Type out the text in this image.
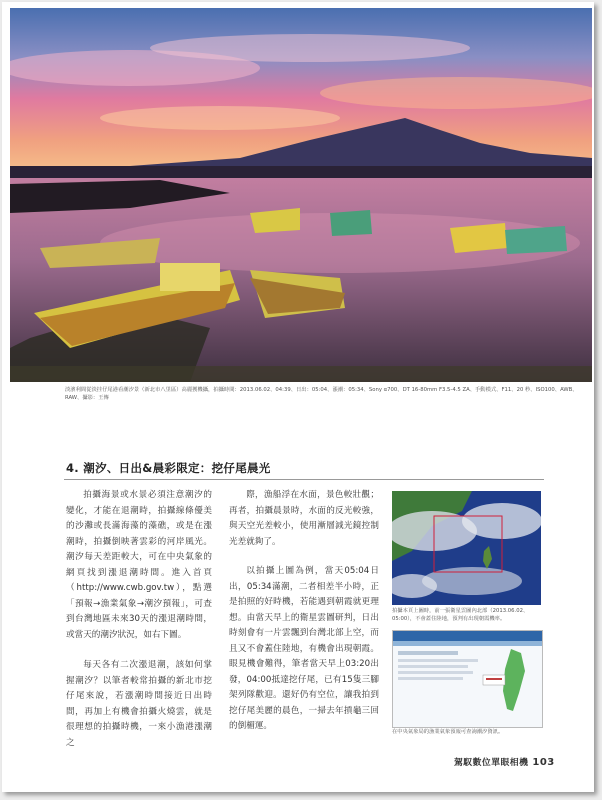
淡濱利間從淡挂仔尾港看潮汐景（新北市八里區）高麗獲機攝，拍攝時間：2013.06.02、04:39、日出：05:04、漲潮：05:34、Sony α700、DT 16-80mm F3.5-4.5 ZA、手動模式、F11、20 秒、ISO100、AWB、RAW、攝影：王傳
4. 潮汐、日出&晨彩限定：挖仔尾晨光

拍攝海景或水景必須注意潮汐的變化，才能在退潮時，拍攝線條優美的沙灘或長滿海藻的藻礁，或是在漲潮時，拍攝倒映著雲彩的河岸風光。潮汐每天差距較大，可在中央氣象的網頁找到漲退潮時間。進入首頁（http://www.cwb.gov.tw），點選「預報→漁業氣象→潮汐預報」，可查到台灣地區未來30天的漲退潮時間，或當天的潮汐狀況，如右下圖。

每天各有二次漲退潮，該如何掌握潮汐？以筆者較常拍攝的新北市挖仔尾來說，若漲潮時間接近日出時間，再加上有機會拍攝火燒雲，就是很理想的拍攝時機，一來小漁港漲潮之

際，漁船浮在水面，景色較壯觀；再者，拍攝晨景時，水面的反光較強，與天空光差較小，使用漸層減光鏡控制光差就夠了。

以拍攝上圖為例，當天05:04日出，05:34滿潮，二者相差半小時，正是拍照的好時機，若能遇到朝霞就更理想。由當天早上的衛星雲圖研判，日出時刻會有一片雲飄到台灣北部上空，而且又不會蓋住陸地，有機會出現朝霞。眼見機會難得，筆者當天早上03:20出發，04:00抵達挖仔尾，已有15隻三腳架列隊歡迎。還好仍有空位，讓我拍到挖仔尾美麗的晨色，一掃去年摃龜三回的倒楣運。

拍攝本頁上圖時，前一張衛星雲圖內北部（2013.06.02、05:00），不會蓋住陸地，預判有出現朝霞機率。
在中央氣象局的漁業氣象預報可查詢潮汐資訊。
駕馭數位單眼相機 103
